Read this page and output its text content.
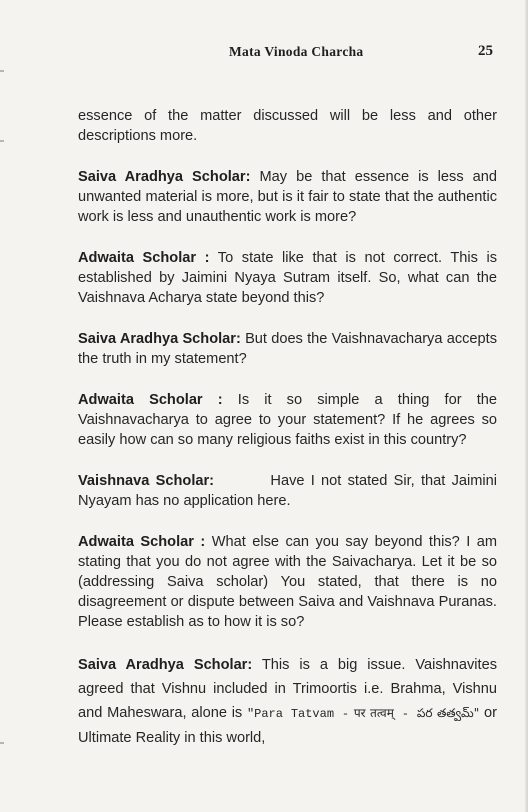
Mata Vinoda Charcha	25

essence of the matter discussed will be less and other descriptions more.

Saiva Aradhya Scholar: May be that essence is less and unwanted material is more, but is it fair to state that the authentic work is less and unauthentic work is more?

Adwaita Scholar : To state like that is not correct. This is established by Jaimini Nyaya Sutram itself. So, what can the Vaishnava Acharya state beyond this?

Saiva Aradhya Scholar: But does the Vaishnavacharya accepts the truth in my statement?

Adwaita Scholar : Is it so simple a thing for the Vaishnavacharya to agree to your statement? If he agrees so easily how can so many religious faiths exist in this country?

Vaishnava Scholar:         Have I not stated Sir, that Jaimini Nyayam has no application here.

Adwaita Scholar : What else can you say beyond this? I am stating that you do not agree with the Saivacharya. Let it be so (addressing Saiva scholar) You stated, that there is no disagreement or dispute between Saiva and Vaishnava Puranas. Please establish as to how it is so?

Saiva Aradhya Scholar: This is a big issue. Vaishnavites agreed that Vishnu included in Trimoortis i.e. Brahma, Vishnu and Maheswara, alone is "Para Tatvam - पर तत्वम् - పర తత్వమ్" or Ultimate Reality in this world,
